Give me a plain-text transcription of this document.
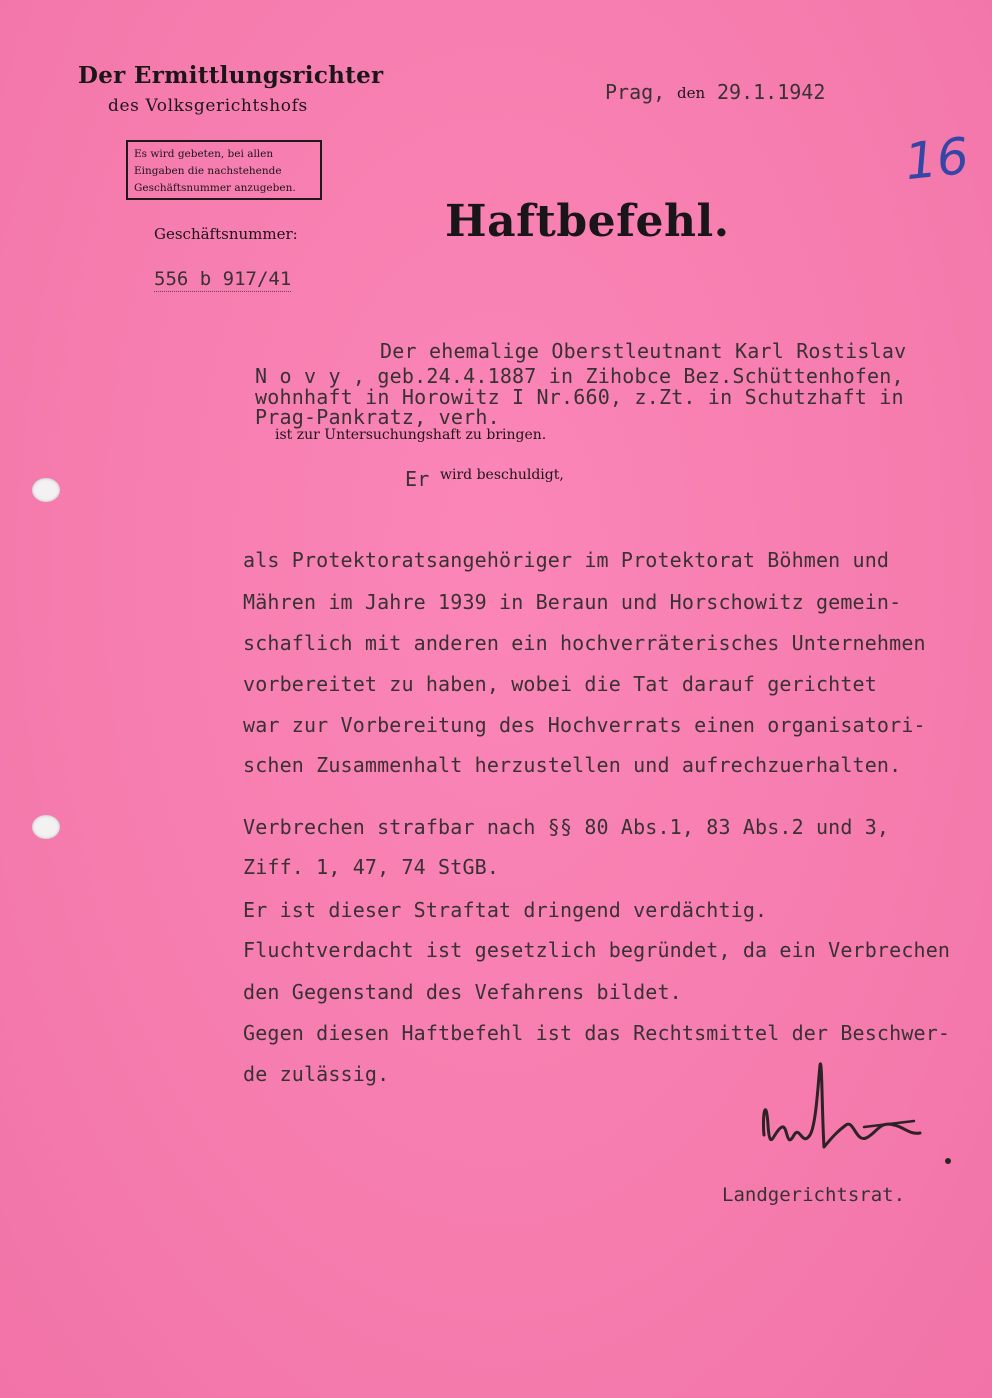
Der Ermittlungsrichter
des Volksgerichtshofs
Es wird gebeten, bei allen
Eingaben die nachstehende
Geschäftsnummer anzugeben.
Geschäftsnummer:
556 b 917/41
Prag, den 29.1.1942
16
Haftbefehl.
Der ehemalige Oberstleutnant Karl Rostislav
N o v y , geb.24.4.1887 in Zihobce Bez.Schüttenhofen,
wohnhaft in Horowitz I Nr.660, z.Zt. in Schutzhaft in
Prag-Pankratz, verh.
ist zur Untersuchungshaft zu bringen.
Er wird beschuldigt,
als Protektoratsangehöriger im Protektorat Böhmen und
Mähren im Jahre 1939 in Beraun und Horschowitz gemein-
schaflich mit anderen ein hochverräterisches Unternehmen
vorbereitet zu haben, wobei die Tat darauf gerichtet
war zur Vorbereitung des Hochverrats einen organisatori-
schen Zusammenhalt herzustellen und aufrechzuerhalten.
Verbrechen strafbar nach §§ 80 Abs.1, 83 Abs.2 und 3,
Ziff. 1, 47, 74 StGB.
Er ist dieser Straftat dringend verdächtig.
Fluchtverdacht ist gesetzlich begründet, da ein Verbrechen
den Gegenstand des Vefahrens bildet.
Gegen diesen Haftbefehl ist das Rechtsmittel der Beschwer-
de zulässig.
Landgerichtsrat.
